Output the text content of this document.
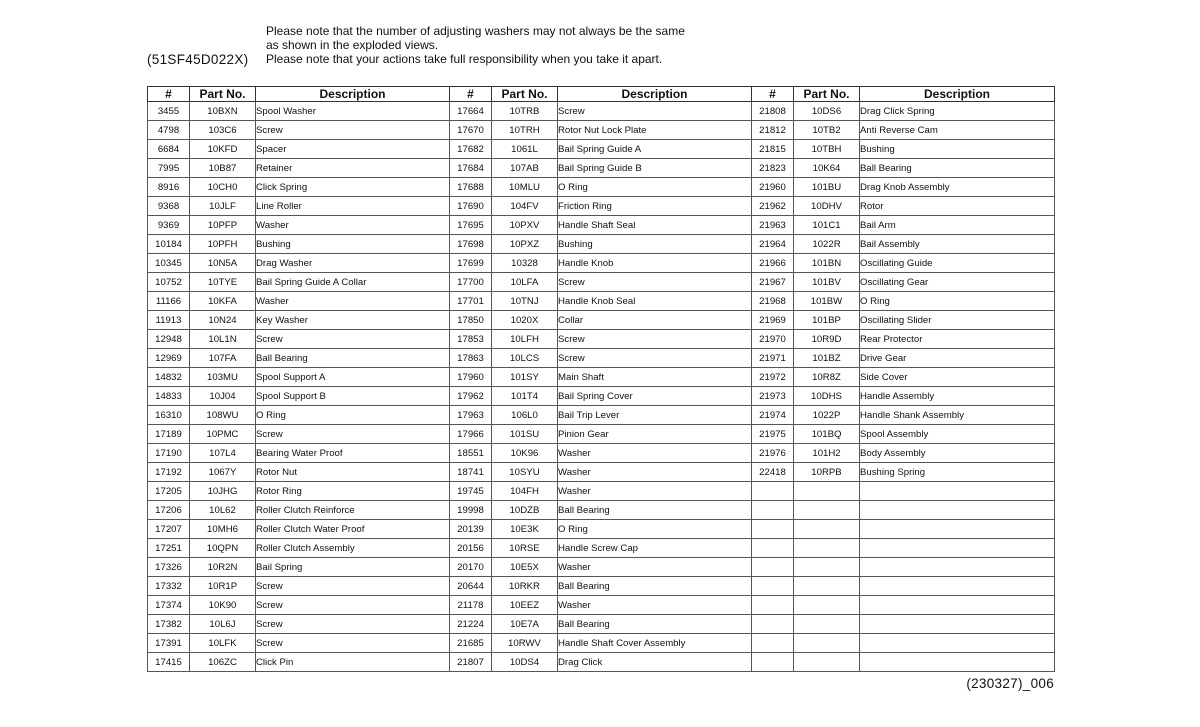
(51SF45D022X)
Please note that the number of adjusting washers may not always be the same
as shown in the exploded views.
Please note that your actions take full responsibility when you take it apart.
#	Part No.	Description	#	Part No.	Description	#	Part No.	Description
3455	10BXN	Spool Washer	17664	10TRB	Screw	21808	10DS6	Drag Click Spring
4798	103C6	Screw	17670	10TRH	Rotor Nut Lock Plate	21812	10TB2	Anti Reverse Cam
6684	10KFD	Spacer	17682	1061L	Bail Spring Guide A	21815	10TBH	Bushing
7995	10B87	Retainer	17684	107AB	Bail Spring Guide B	21823	10K64	Ball Bearing
8916	10CH0	Click Spring	17688	10MLU	O Ring	21960	101BU	Drag Knob Assembly
9368	10JLF	Line Roller	17690	104FV	Friction Ring	21962	10DHV	Rotor
9369	10PFP	Washer	17695	10PXV	Handle Shaft Seal	21963	101C1	Bail Arm
10184	10PFH	Bushing	17698	10PXZ	Bushing	21964	1022R	Bail Assembly
10345	10N5A	Drag Washer	17699	10328	Handle Knob	21966	101BN	Oscillating Guide
10752	10TYE	Bail Spring Guide A Collar	17700	10LFA	Screw	21967	101BV	Oscillating Gear
11166	10KFA	Washer	17701	10TNJ	Handle Knob Seal	21968	101BW	O Ring
11913	10N24	Key Washer	17850	1020X	Collar	21969	101BP	Oscillating Slider
12948	10L1N	Screw	17853	10LFH	Screw	21970	10R9D	Rear Protector
12969	107FA	Ball Bearing	17863	10LCS	Screw	21971	101BZ	Drive Gear
14832	103MU	Spool Support A	17960	101SY	Main Shaft	21972	10R8Z	Side Cover
14833	10J04	Spool Support B	17962	101T4	Bail Spring Cover	21973	10DHS	Handle Assembly
16310	108WU	O Ring	17963	106L0	Bail Trip Lever	21974	1022P	Handle Shank Assembly
17189	10PMC	Screw	17966	101SU	Pinion Gear	21975	101BQ	Spool Assembly
17190	107L4	Bearing Water Proof	18551	10K96	Washer	21976	101H2	Body Assembly
17192	1067Y	Rotor Nut	18741	10SYU	Washer	22418	10RPB	Bushing Spring
17205	10JHG	Rotor Ring	19745	104FH	Washer			
17206	10L62	Roller Clutch Reinforce	19998	10DZB	Ball Bearing			
17207	10MH6	Roller Clutch Water Proof	20139	10E3K	O Ring			
17251	10QPN	Roller Clutch Assembly	20156	10RSE	Handle Screw Cap			
17326	10R2N	Bail Spring	20170	10E5X	Washer			
17332	10R1P	Screw	20644	10RKR	Ball Bearing			
17374	10K90	Screw	21178	10EEZ	Washer			
17382	10L6J	Screw	21224	10E7A	Ball Bearing			
17391	10LFK	Screw	21685	10RWV	Handle Shaft Cover Assembly			
17415	106ZC	Click Pin	21807	10DS4	Drag Click			
(230327)_006
